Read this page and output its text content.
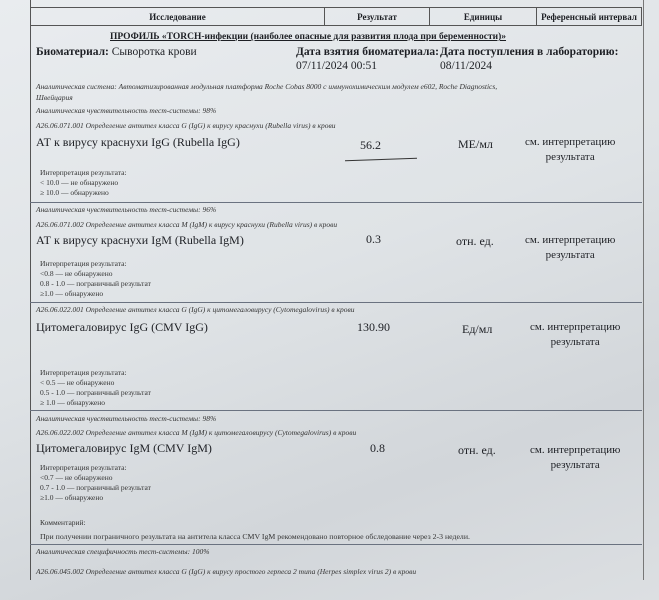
Исследование	Результат	Единицы	Референсный интервал
ПРОФИЛЬ «TORCH-инфекции (наиболее опасные для развития плода при беременности)»
Биоматериал: Сыворотка крови	Дата взятия биоматериала:
07/11/2024 00:51
Дата поступления в лабораторию:
08/11/2024
Аналитическая система: Автоматизированная модульная платформа Roche Cobas 8000 с иммунохимическим модулем e602, Roche Diagnostics,
Швейцария
Аналитическая чувствительность тест-системы: 98%
A26.06.071.001 Определение антител класса G (IgG) к вирусу краснухи (Rubella virus) в крови
АТ к вирусу краснухи IgG (Rubella IgG)	56.2	МЕ/мл	см. интерпретацию
результата
Интерпретация результата:
< 10.0 — не обнаружено
≥ 10.0 — обнаружено
Аналитическая чувствительность тест-системы: 96%
A26.06.071.002 Определение антител класса M (IgM) к вирусу краснухи (Rubella virus) в крови
АТ к вирусу краснухи IgM (Rubella IgM)	0.3	отн. ед.	см. интерпретацию
результата
Интерпретация результата:
<0.8 — не обнаружено
0.8 - 1.0 — пограничный результат
≥1.0 — обнаружено
A26.06.022.001 Определение антител класса G (IgG) к цитомегаловирусу (Cytomegalovirus) в крови
Цитомегаловирус IgG (CMV IgG)	130.90	Ед/мл	см. интерпретацию
результата
Интерпретация результата:
< 0.5 — не обнаружено
0.5 - 1.0 — пограничный результат
≥ 1.0 — обнаружено
Аналитическая чувствительность тест-системы: 98%
A26.06.022.002 Определение антител класса M (IgM) к цитомегаловирусу (Cytomegalovirus) в крови
Цитомегаловирус IgM (CMV IgM)	0.8	отн. ед.	см. интерпретацию
результата
Интерпретация результата:
<0.7 — не обнаружено
0.7 - 1.0 — пограничный результат
≥1.0 — обнаружено
Комментарий:
При получении пограничного результата на антитела класса CMV IgM рекомендовано повторное обследование через 2-3 недели.
Аналитическая специфичность тест-системы: 100%
A26.06.045.002 Определение антител класса G (IgG) к вирусу простого герпеса 2 типа (Herpes simplex virus 2) в крови
